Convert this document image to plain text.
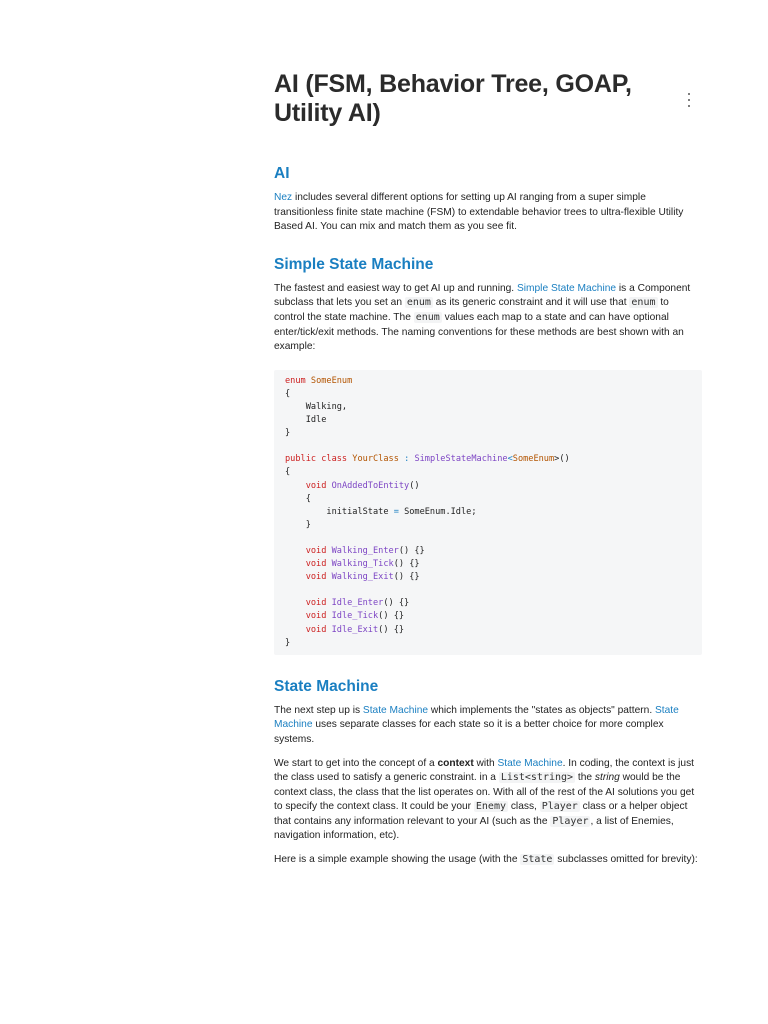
AI (FSM, Behavior Tree, GOAP, Utility AI)
AI

Nez includes several different options for setting up AI ranging from a super simple transitionless finite state machine (FSM) to extendable behavior trees to ultra-flexible Utility Based AI. You can mix and match them as you see fit.

Simple State Machine

The fastest and easiest way to get AI up and running. Simple State Machine is a Component subclass that lets you set an enum as its generic constraint and it will use that enum to control the state machine. The enum values each map to a state and can have optional enter/tick/exit methods. The naming conventions for these methods are best shown with an example:

enum SomeEnum
{
Walking,
Idle
}

public class YourClass : SimpleStateMachine<SomeEnum>()
{
void OnAddedToEntity()
{
initialState = SomeEnum.Idle;
}

void Walking_Enter() {}
void Walking_Tick() {}
void Walking_Exit() {}

void Idle_Enter() {}
void Idle_Tick() {}
void Idle_Exit() {}
}
State Machine

The next step up is State Machine which implements the "states as objects" pattern. State Machine uses separate classes for each state so it is a better choice for more complex systems.

We start to get into the concept of a context with State Machine. In coding, the context is just the class used to satisfy a generic constraint. in a List<string> the string would be the context class, the class that the list operates on. With all of the rest of the AI solutions you get to specify the context class. It could be your Enemy class, Player class or a helper object that contains any information relevant to your AI (such as the Player , a list of Enemies, navigation information, etc).

Here is a simple example showing the usage (with the State subclasses omitted for brevity):
